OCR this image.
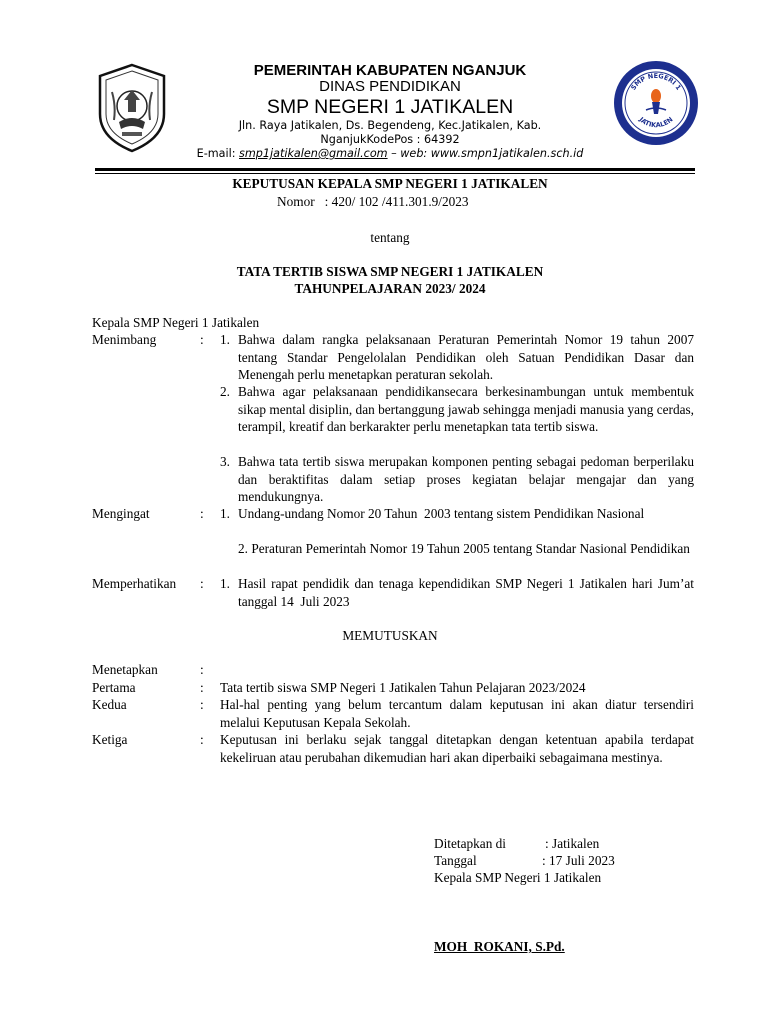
SMP NEGERI 1
JATIKALEN
PEMERINTAH KABUPATEN NGANJUK
DINAS PENDIDIKAN
SMP NEGERI 1 JATIKALEN
Jln. Raya Jatikalen, Ds. Begendeng, Kec.Jatikalen, Kab.
NganjukKodePos : 64392
E-mail: smp1jatikalen@gmail.com – web: www.smpn1jatikalen.sch.id
KEPUTUSAN KEPALA SMP NEGERI 1 JATIKALEN
Nomor : 420/ 102 /411.301.9/2023
tentang
TATA TERTIB SISWA SMP NEGERI 1 JATIKALEN
TAHUNPELAJARAN 2023/ 2024
Kepala SMP Negeri 1 Jatikalen
Menimbang	: 1. Bahwa dalam rangka pelaksanaan Peraturan Pemerintah Nomor 19 tahun 2007 tentang Standar Pengelolalan Pendidikan oleh Satuan Pendidikan Dasar dan Menengah perlu menetapkan peraturan sekolah.
2. Bahwa agar pelaksanaan pendidikansecara berkesinambungan untuk membentuk sikap mental disiplin, dan bertanggung jawab sehingga menjadi manusia yang cerdas, terampil, kreatif dan berkarakter perlu menetapkan tata tertib siswa.
3. Bahwa tata tertib siswa merupakan komponen penting sebagai pedoman berperilaku dan beraktifitas dalam setiap proses kegiatan belajar mengajar dan yang mendukungnya.
Mengingat	: 1. Undang-undang Nomor 20 Tahun  2003 tentang sistem Pendidikan Nasional
2. Peraturan Pemerintah Nomor 19 Tahun 2005 tentang Standar Nasional Pendidikan
Memperhatikan : 1. Hasil rapat pendidik dan tenaga kependidikan SMP Negeri 1 Jatikalen hari Jum’at  tanggal 14  Juli 2023
MEMUTUSKAN
Menetapkan	:
Pertama	: Tata tertib siswa SMP Negeri 1 Jatikalen Tahun Pelajaran 2023/2024
Kedua	: Hal-hal penting yang belum tercantum dalam keputusan ini akan diatur tersendiri melalui Keputusan Kepala Sekolah.
Ketiga	: Keputusan ini berlaku sejak tanggal ditetapkan dengan ketentuan apabila terdapat kekeliruan atau perubahan dikemudian hari akan diperbaiki sebagaimana mestinya.
Ditetapkan di	: Jatikalen
Tanggal	: 17 Juli 2023
Kepala SMP Negeri 1 Jatikalen
MOH  ROKANI, S.Pd.
